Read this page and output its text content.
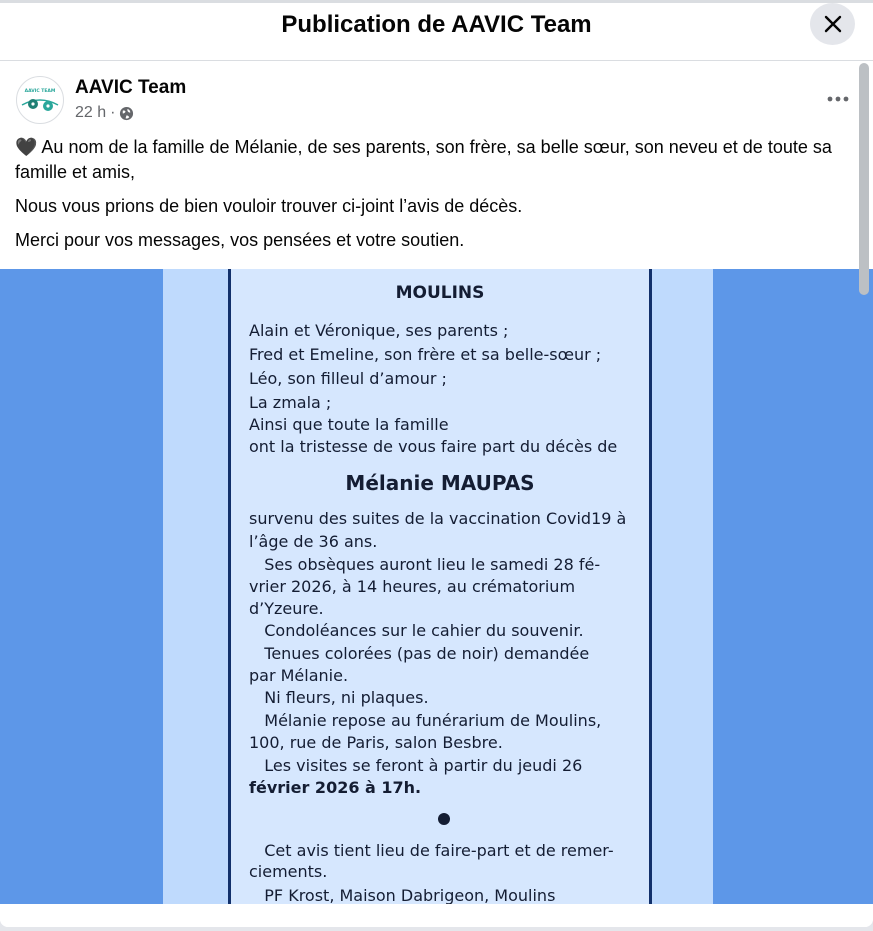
Publication de AAVIC Team
AAVIC TEAM AAVIC Team
22 h ·

🖤 Au nom de la famille de Mélanie, de ses parents, son frère, sa belle sœur, son neveu et de toute sa famille et amis,

Nous vous prions de bien vouloir trouver ci-joint l’avis de décès.

Merci pour vos messages, vos pensées et votre soutien.

MOULINS
Alain et Véronique, ses parents ;
Fred et Emeline, son frère et sa belle-sœur ;
Léo, son filleul d’amour ;
La zmala ;
Ainsi que toute la famille
ont la tristesse de vous faire part du décès de
Mélanie MAUPAS
survenu des suites de la vaccination Covid19 à
l’âge de 36 ans.
Ses obsèques auront lieu le samedi 28 fé-
vrier 2026, à 14 heures, au crématorium
d’Yzeure.
Condoléances sur le cahier du souvenir.
Tenues colorées (pas de noir) demandée
par Mélanie.
Ni fleurs, ni plaques.
Mélanie repose au funérarium de Moulins,
100, rue de Paris, salon Besbre.
Les visites se feront à partir du jeudi 26
février 2026 à 17h.
Cet avis tient lieu de faire-part et de remer-
ciements.
PF Krost, Maison Dabrigeon, Moulins
